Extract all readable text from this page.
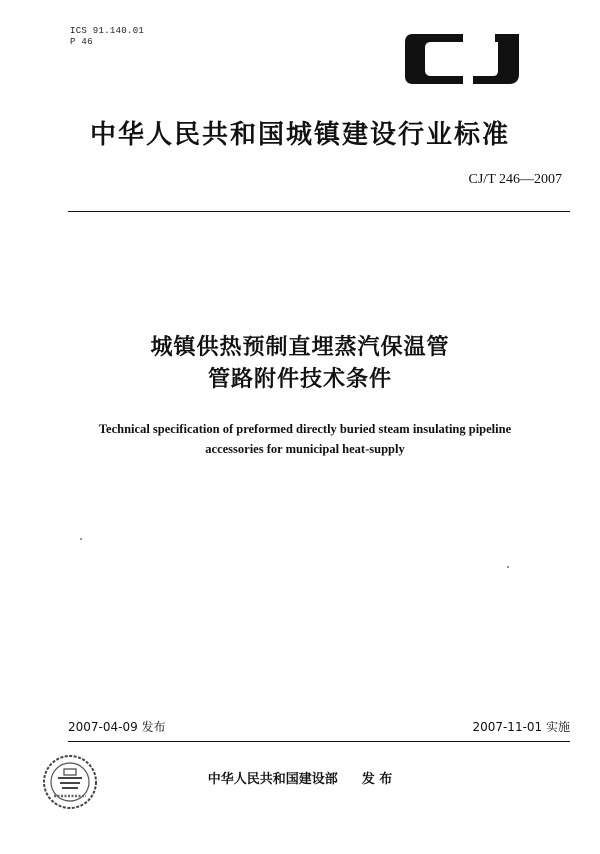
ICS 91.140.01
P 46
中华人民共和国城镇建设行业标准
CJ/T 246—2007
城镇供热预制直埋蒸汽保温管
管路附件技术条件
Technical specification of preformed directly buried steam insulating pipeline
accessories for municipal heat-supply
2007-04-09 发布	2007-11-01 实施
中华人民共和国建设部 发 布
